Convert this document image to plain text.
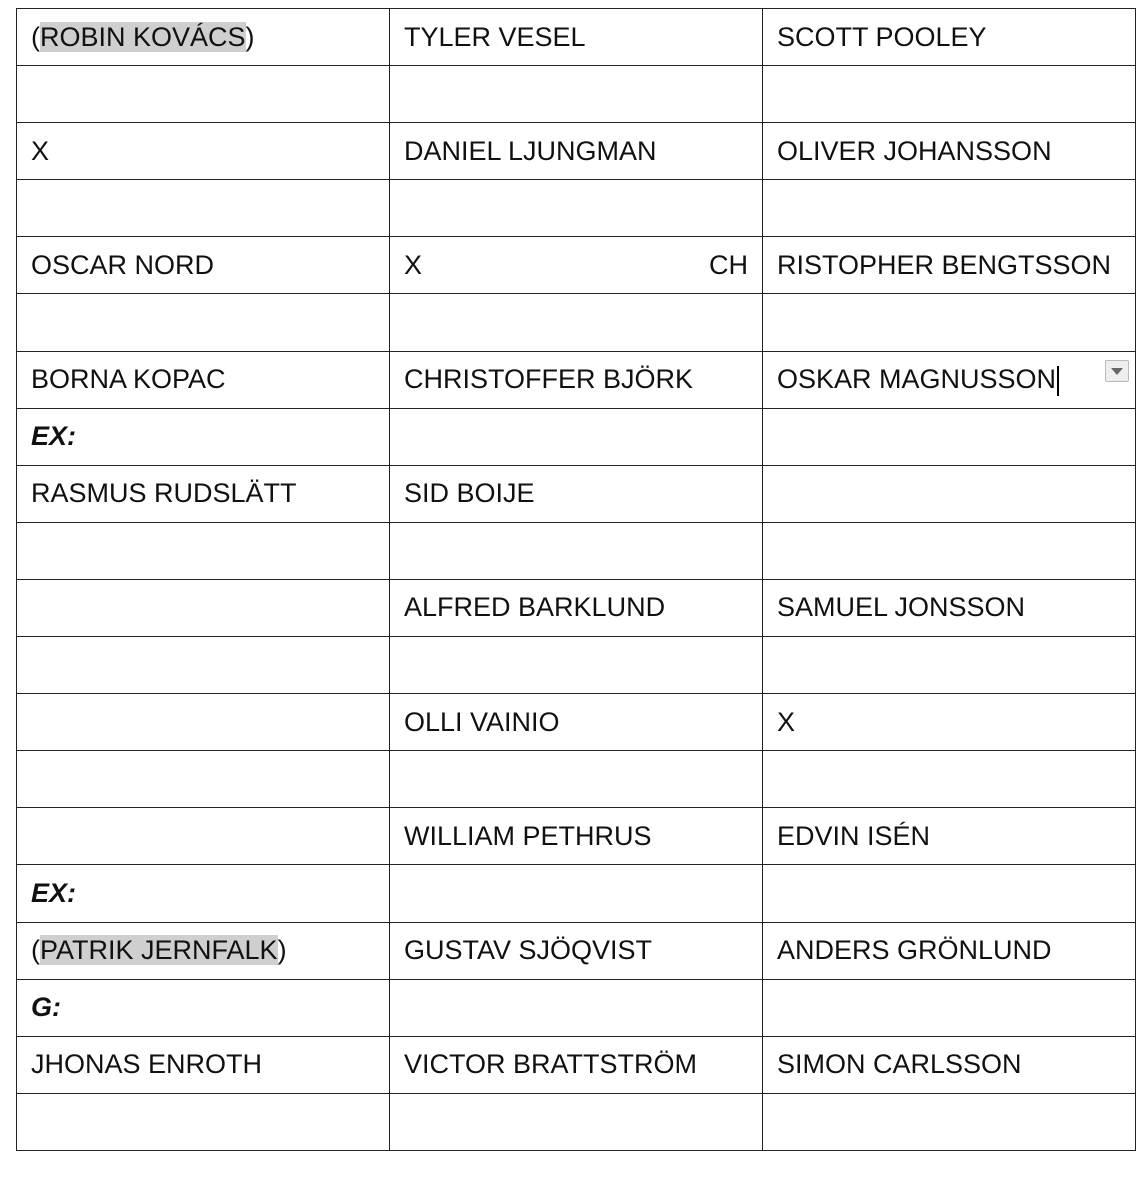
(ROBIN KOVÁCS)	TYLER VESEL	SCOTT POOLEY

X	DANIEL LJUNGMAN	OLIVER JOHANSSON

OSCAR NORD	X CH	RISTOPHER BENGTSSON

BORNA KOPAC	CHRISTOFFER BJÖRK	OSKAR MAGNUSSON

EX:		
RASMUS RUDSLÄTT	SID BOIJE	

	ALFRED BARKLUND	SAMUEL JONSSON

	OLLI VAINIO	X

	WILLIAM PETHRUS	EDVIN ISÉN
EX:		
(PATRIK JERNFALK)	GUSTAV SJÖQVIST	ANDERS GRÖNLUND
G:		
JHONAS ENROTH	VICTOR BRATTSTRÖM	SIMON CARLSSON
